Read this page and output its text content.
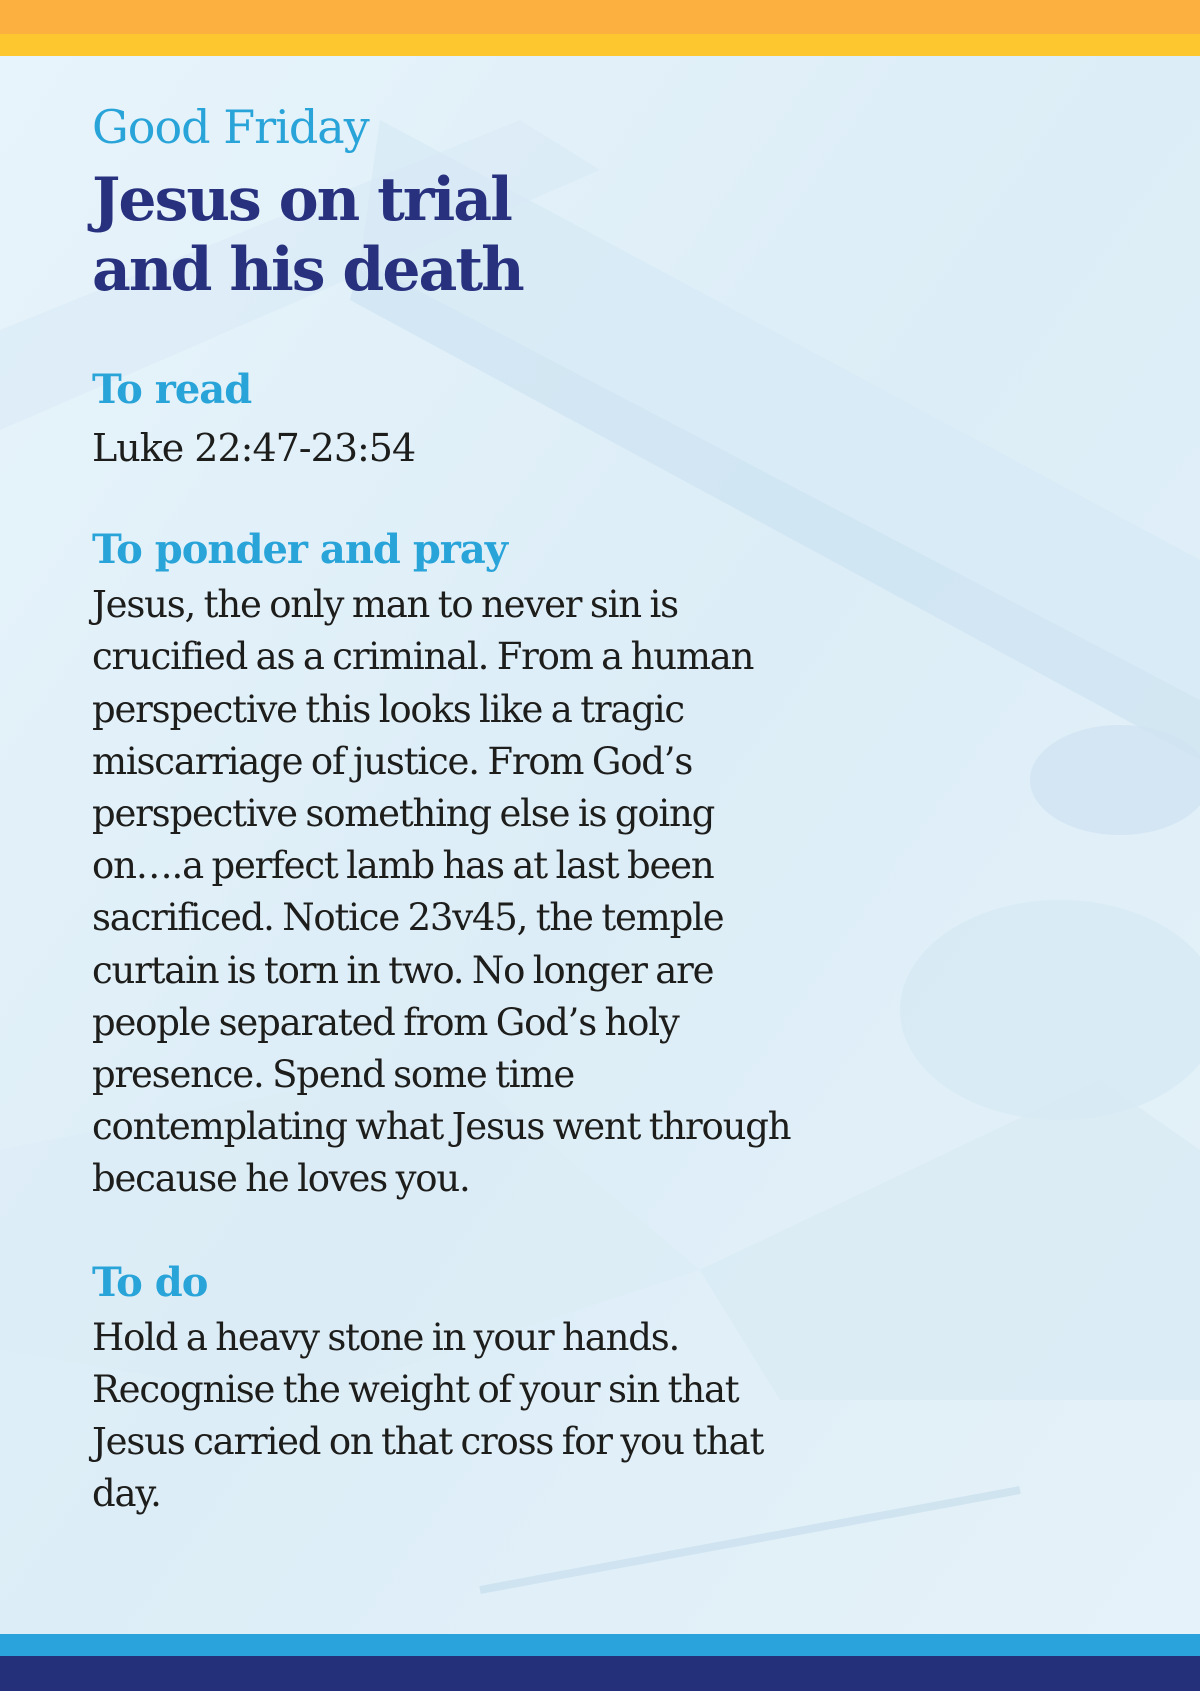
Good Friday
Jesus on trial
and his death
To read

Luke 22:47-23:54

To ponder and pray

Jesus, the only man to never sin is crucified as a criminal. From a human perspective this looks like a tragic miscarriage of justice. From God’s perspective something else is going on….a perfect lamb has at last been sacrificed. Notice 23v45, the temple curtain is torn in two. No longer are people separated from God’s holy presence. Spend some time contemplating what Jesus went through because he loves you.

To do

Hold a heavy stone in your hands. Recognise the weight of your sin that Jesus carried on that cross for you that day.
